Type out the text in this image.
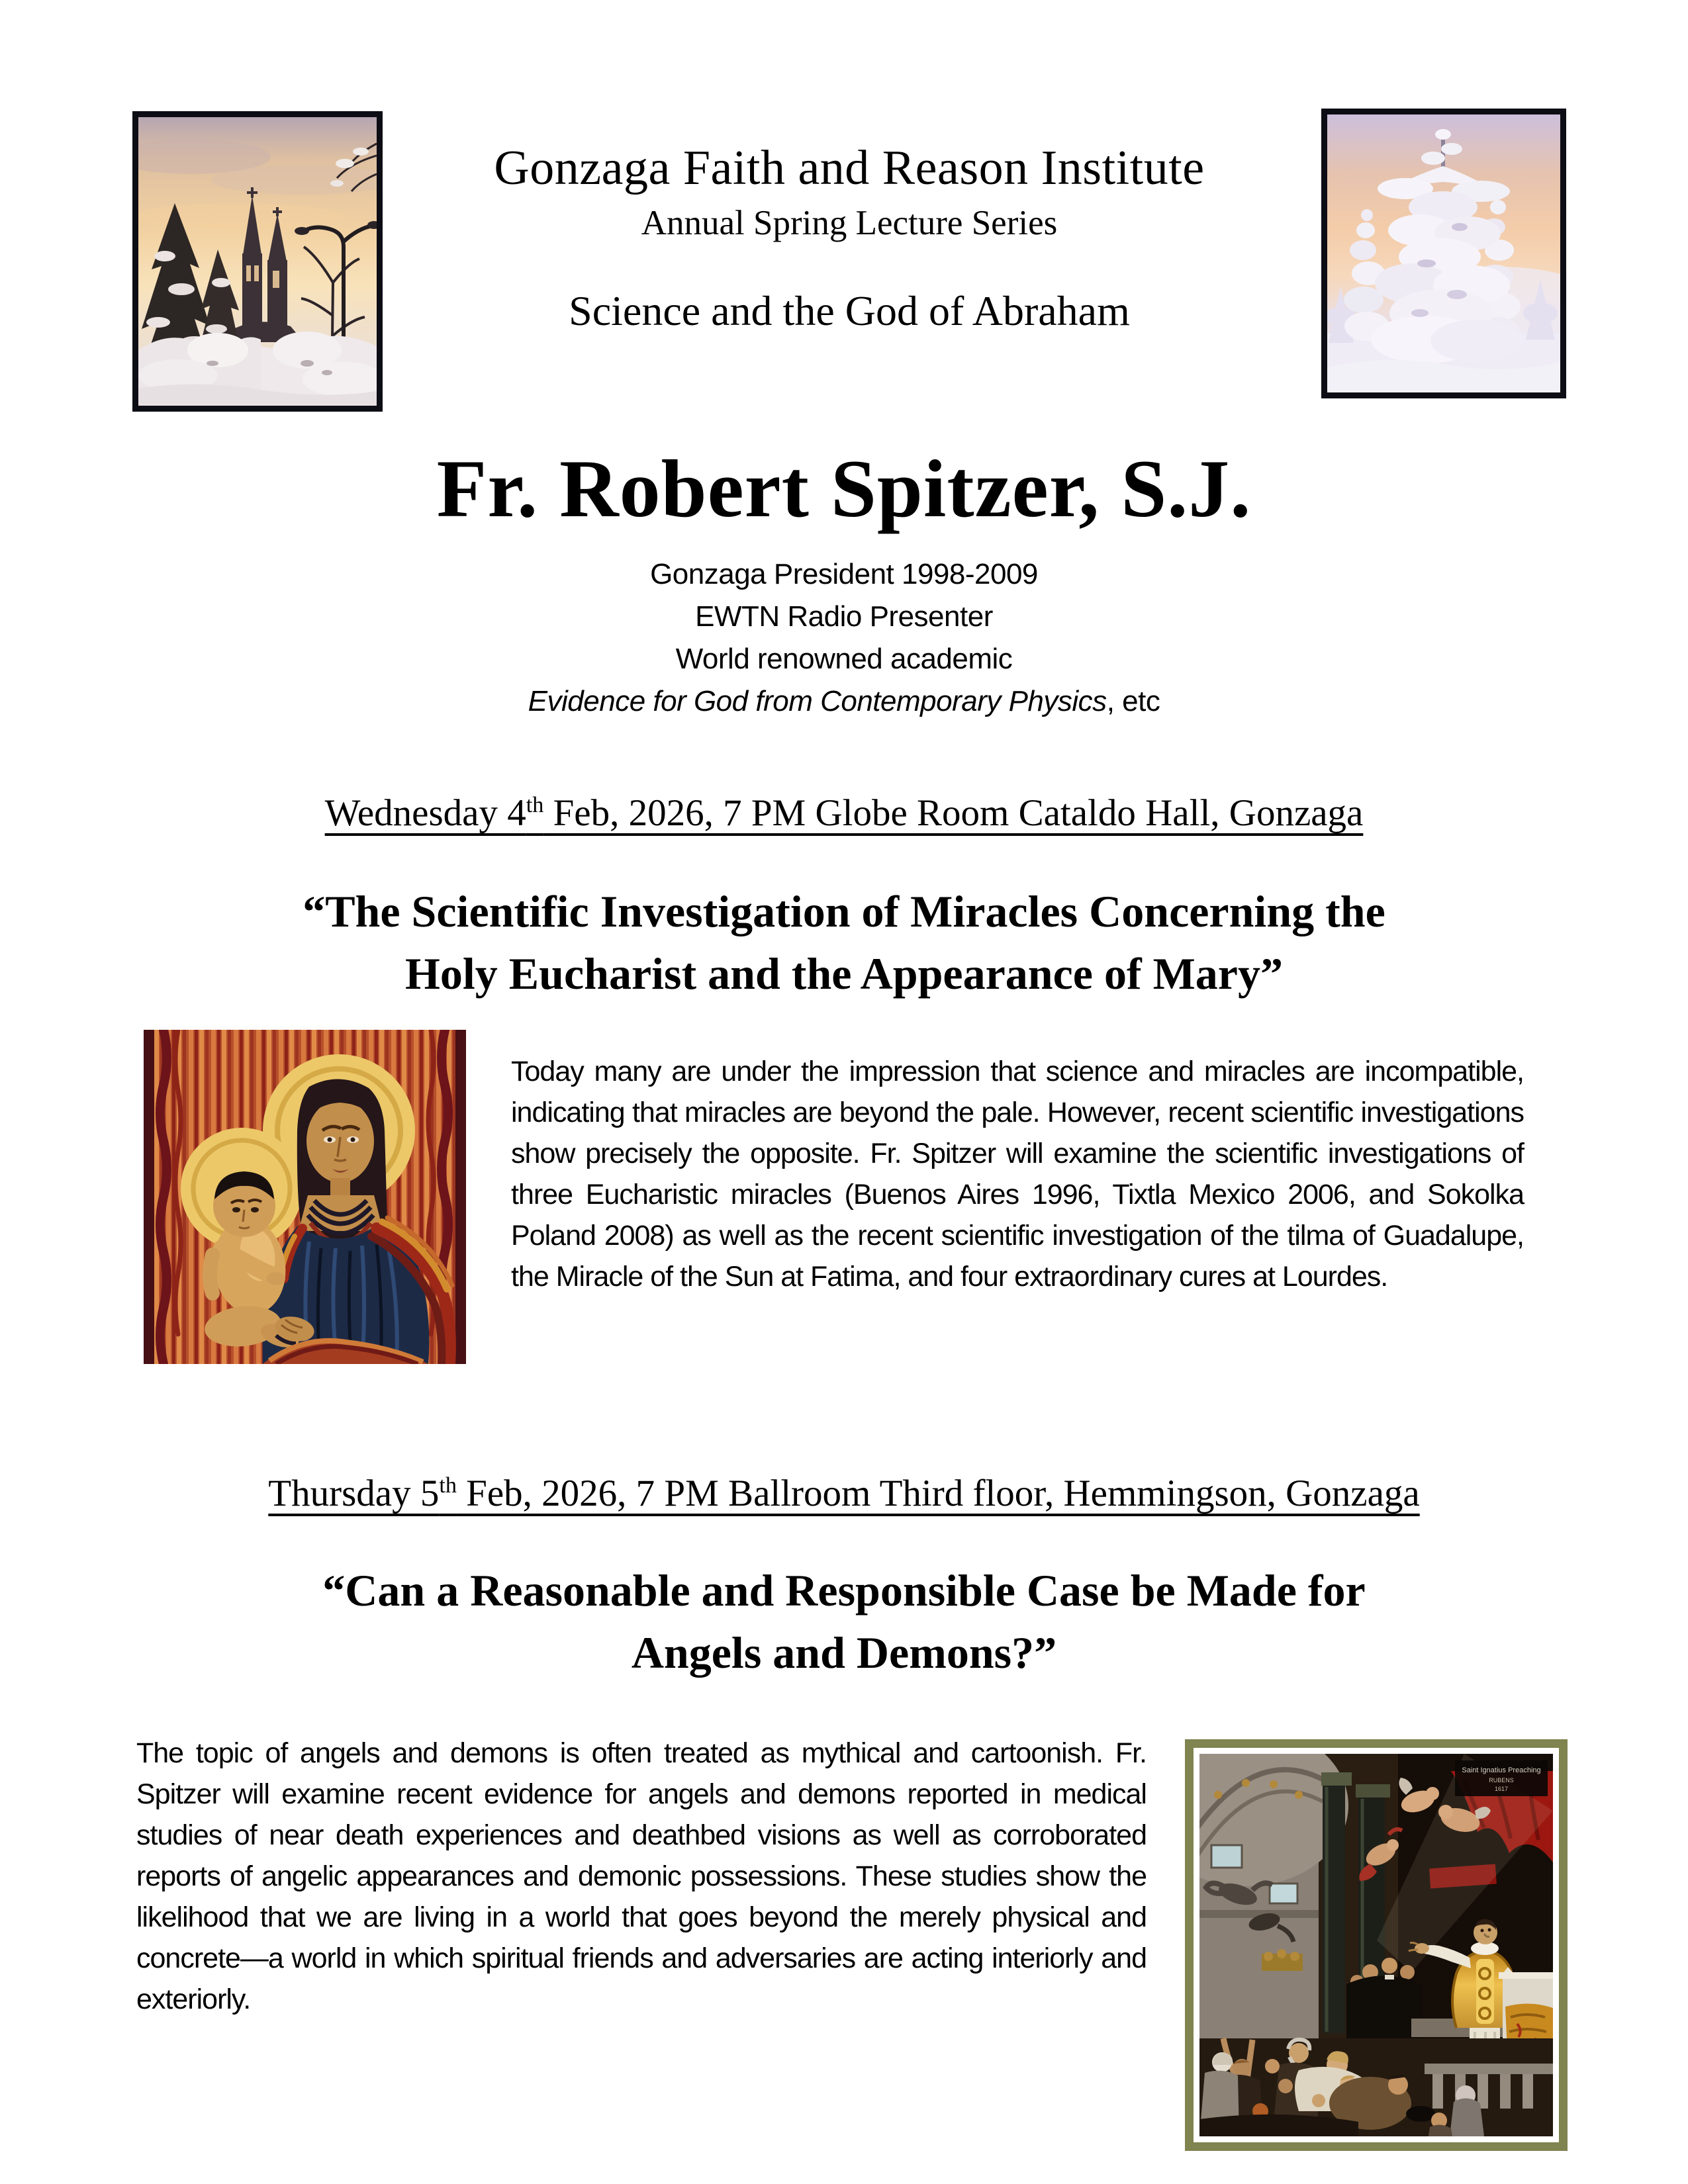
Gonzaga Faith and Reason Institute
Annual Spring Lecture Series
Science and the God of Abraham
Fr. Robert Spitzer, S.J.
Gonzaga President 1998-2009
EWTN Radio Presenter
World renowned academic
Evidence for God from Contemporary Physics, etc
Wednesday 4th Feb, 2026, 7 PM Globe Room Cataldo Hall, Gonzaga
“The Scientific Investigation of Miracles Concerning the
Holy Eucharist and the Appearance of Mary”
Today many are under the impression that science and miracles are incompatible, indicating that miracles are beyond the pale. However, recent scientific investigations show precisely the opposite. Fr. Spitzer will examine the scientific investigations of three Eucharistic miracles (Buenos Aires 1996, Tixtla Mexico 2006, and Sokolka Poland 2008) as well as the recent scientific investigation of the tilma of Guadalupe, the Miracle of the Sun at Fatima, and four extraordinary cures at Lourdes.
Thursday 5th Feb, 2026, 7 PM Ballroom Third floor, Hemmingson, Gonzaga
“Can a Reasonable and Responsible Case be Made for
Angels and Demons?”
The topic of angels and demons is often treated as mythical and cartoonish. Fr. Spitzer will examine recent evidence for angels and demons reported in medical studies of near death experiences and deathbed visions as well as corroborated reports of angelic appearances and demonic possessions. These studies show the likelihood that we are living in a world that goes beyond the merely physical and concrete—a world in which spiritual friends and adversaries are acting interiorly and exteriorly.
Saint Ignatius Preaching
RUBENS
1617
